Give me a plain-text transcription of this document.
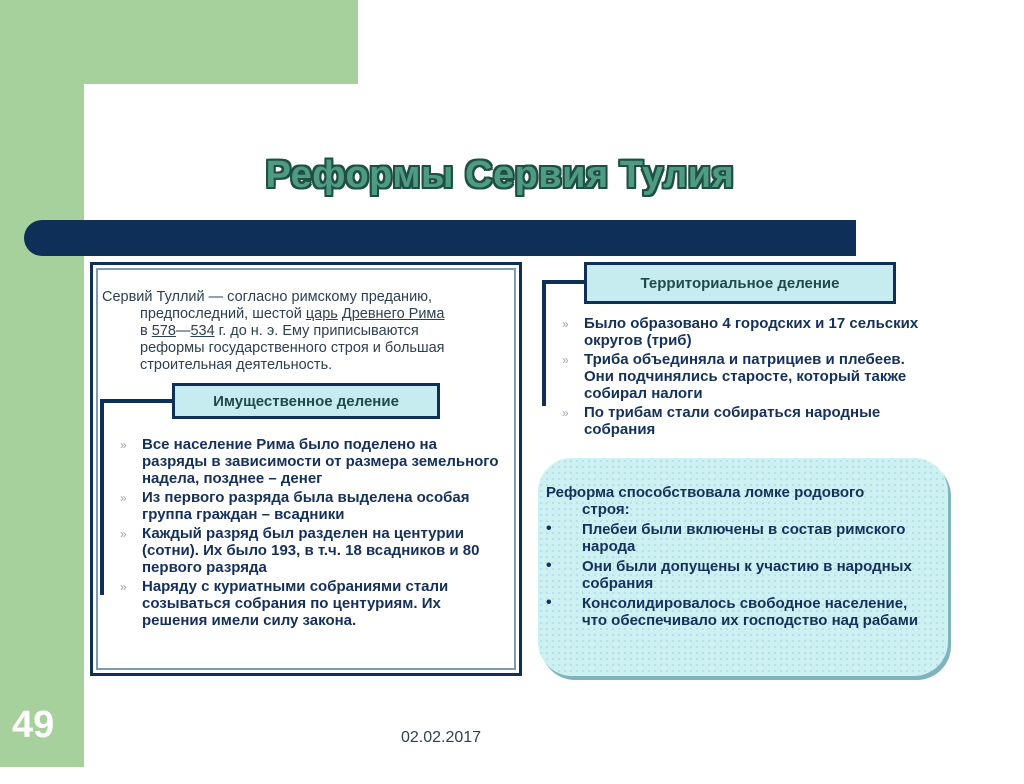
Реформы Сервия Тулия
Сервий Туллий — согласно римскому преданию,
предпоследний, шестой царь Древнего Рима
в 578—534 г. до н. э. Ему приписываются
реформы государственного строя и большая
строительная деятельность.
Имущественное деление
» Все население Рима было поделено на разряды в зависимости от размера земельного надела, позднее – денег
» Из первого разряда была выделена особая группа граждан – всадники
» Каждый разряд был разделен на центурии (сотни). Их было 193, в т.ч. 18 всадников и 80 первого разряда
» Наряду с куриатными собраниями стали созываться собрания по центуриям. Их решения имели силу закона.
Территориальное деление
» Было образовано 4 городских и 17 сельских округов (триб)
» Триба объединяла и патрициев и плебеев. Они подчинялись старосте, который также собирал налоги
» По трибам стали собираться народные собрания
Реформа способствовала ломке родового
строя:
• Плебеи были включены в состав римского народа
• Они были допущены к участию в народных собрания
• Консолидировалось свободное население, что обеспечивало их господство над рабами
49	02.02.2017
